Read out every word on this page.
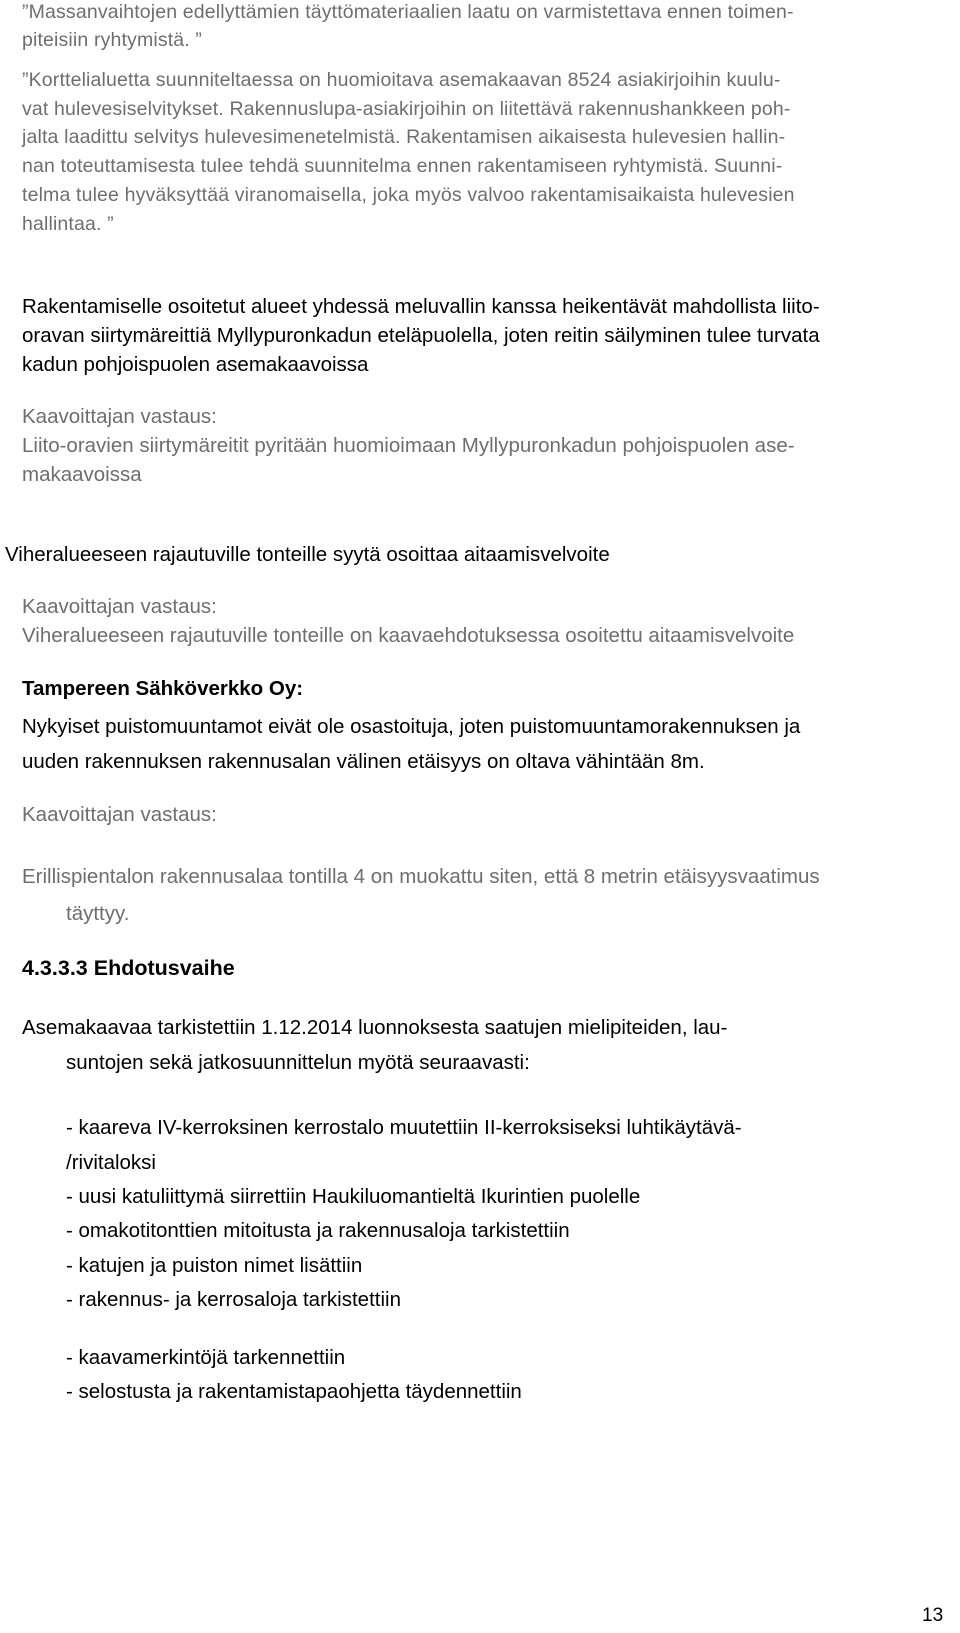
”Massanvaihtojen edellyttämien täyttömateriaalien laatu on varmistettava ennen toimen-

piteisiin ryhtymistä. ”

”Korttelialuetta suunniteltaessa on huomioitava asemakaavan 8524 asiakirjoihin kuulu-

vat hulevesiselvitykset. Rakennuslupa-asiakirjoihin on liitettävä rakennushankkeen poh-

jalta laadittu selvitys hulevesimenetelmistä. Rakentamisen aikaisesta hulevesien hallin-

nan toteuttamisesta tulee tehdä suunnitelma ennen rakentamiseen ryhtymistä. Suunni-

telma tulee hyväksyttää viranomaisella, joka myös valvoo rakentamisaikaista hulevesien

hallintaa. ”

Rakentamiselle osoitetut alueet yhdessä meluvallin kanssa heikentävät mahdollista liito-

oravan siirtymäreittiä Myllypuronkadun eteläpuolella, joten reitin säilyminen tulee turvata

kadun pohjoispuolen asemakaavoissa

Kaavoittajan vastaus:

Liito-oravien siirtymäreitit pyritään huomioimaan Myllypuronkadun pohjoispuolen ase-

makaavoissa

Viheralueeseen rajautuville tonteille syytä osoittaa aitaamisvelvoite

Kaavoittajan vastaus:

Viheralueeseen rajautuville tonteille on kaavaehdotuksessa osoitettu aitaamisvelvoite

Tampereen Sähköverkko Oy:

Nykyiset puistomuuntamot eivät ole osastoituja, joten puistomuuntamorakennuksen ja

uuden rakennuksen rakennusalan välinen etäisyys on oltava vähintään 8m.

Kaavoittajan vastaus:

Erillispientalon rakennusalaa tontilla 4 on muokattu siten, että 8 metrin etäisyysvaatimus

täyttyy.

4.3.3.3 Ehdotusvaihe

Asemakaavaa tarkistettiin 1.12.2014 luonnoksesta saatujen mielipiteiden, lau-

suntojen sekä jatkosuunnittelun myötä seuraavasti:

- kaareva IV-kerroksinen kerrostalo muutettiin II-kerroksiseksi luhtikäytävä-

/rivitaloksi

- uusi katuliittymä siirrettiin Haukiluomantieltä Ikurintien puolelle

- omakotitonttien mitoitusta ja rakennusaloja tarkistettiin

- katujen ja puiston nimet lisättiin

- rakennus- ja kerrosaloja tarkistettiin

- kaavamerkintöjä tarkennettiin

- selostusta ja rakentamistapaohjetta täydennettiin

13
